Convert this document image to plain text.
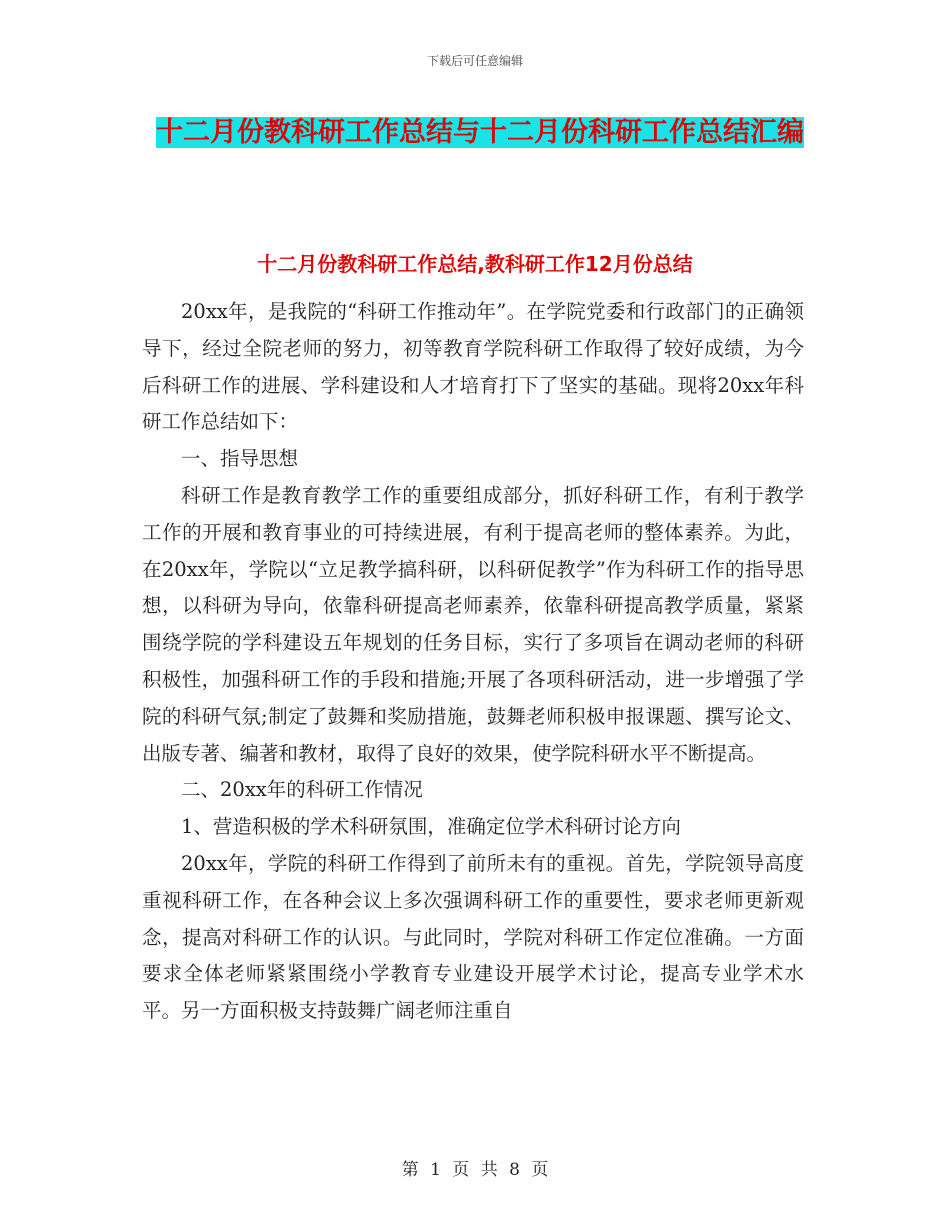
下载后可任意编辑
十二月份教科研工作总结与十二月份科研工作总结汇编
十二月份教科研工作总结,教科研工作12月份总结

20xx年，是我院的“科研工作推动年”。在学院党委和行政部门的正确领导下，经过全院老师的努力，初等教育学院科研工作取得了较好成绩，为今后科研工作的进展、学科建设和人才培育打下了坚实的基础。现将20xx年科研工作总结如下：

一、指导思想

科研工作是教育教学工作的重要组成部分，抓好科研工作，有利于教学工作的开展和教育事业的可持续进展，有利于提高老师的整体素养。为此，在20xx年，学院以“立足教学搞科研，以科研促教学”作为科研工作的指导思想，以科研为导向，依靠科研提高老师素养，依靠科研提高教学质量，紧紧围绕学院的学科建设五年规划的任务目标，实行了多项旨在调动老师的科研积极性，加强科研工作的手段和措施;开展了各项科研活动，进一步增强了学院的科研气氛;制定了鼓舞和奖励措施，鼓舞老师积极申报课题、撰写论文、出版专著、编著和教材，取得了良好的效果，使学院科研水平不断提高。

二、20xx年的科研工作情况

1、营造积极的学术科研氛围，准确定位学术科研讨论方向

20xx年，学院的科研工作得到了前所未有的重视。首先，学院领导高度重视科研工作，在各种会议上多次强调科研工作的重要性，要求老师更新观念，提高对科研工作的认识。与此同时，学院对科研工作定位准确。一方面要求全体老师紧紧围绕小学教育专业建设开展学术讨论，提高专业学术水平。另一方面积极支持鼓舞广阔老师注重自

第 1 页 共 8 页
